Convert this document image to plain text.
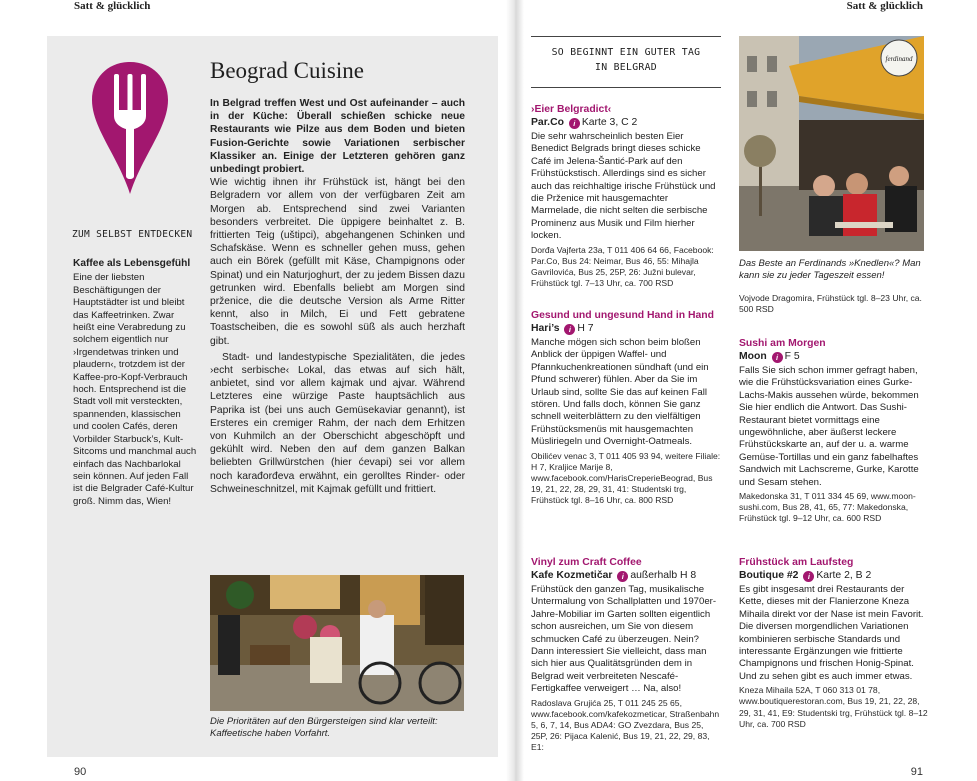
Satt & glücklich	Satt & glücklich
90	91
ZUM SELBST ENTDECKEN
Kaffee als Lebensgefühl
Eine der liebsten Beschäftigungen der Hauptstädter ist und bleibt das Kaffeetrinken. Zwar heißt eine Verabredung zu solchem eigentlich nur ›Irgendetwas trinken und plaudern‹, trotzdem ist der Kaffee-pro-Kopf-Verbrauch hoch. Entsprechend ist die Stadt voll mit versteckten, spannenden, klassischen und coolen Cafés, deren Vorbilder Starbuck’s, Kult-Sitcoms und manchmal auch einfach das Nachbarlokal sein können. Auf jeden Fall ist die Belgrader Café-Kultur groß. Nimm das, Wien!
Beograd Cuisine

In Belgrad treffen West und Ost aufeinander – auch in der Küche: Überall schießen schicke neue Restaurants wie Pilze aus dem Boden und bieten Fusion-Gerichte sowie Variationen serbischer Klassiker an. Einige der Letzteren gehören ganz unbedingt probiert.

Wie wichtig ihnen ihr Frühstück ist, hängt bei den Belgradern vor allem von der verfügbaren Zeit am Morgen ab. Entsprechend sind zwei Varianten besonders verbreitet. Die üppigere beinhaltet z. B. frittierten Teig (uštipci), abgehangenen Schinken und Schafskäse. Wenn es schneller gehen muss, gehen auch ein Börek (gefüllt mit Käse, Champignons oder Spinat) und ein Naturjoghurt, der zu jedem Bissen dazu getrunken wird. Ebenfalls beliebt am Morgen sind prženice, die die deutsche Version als Arme Ritter kennt, also in Milch, Ei und Fett gebratene Toastscheiben, die es sowohl süß als auch herzhaft gibt.

Stadt- und landestypische Spezialitäten, die jedes ›echt serbische‹ Lokal, das etwas auf sich hält, anbietet, sind vor allem kajmak und ajvar. Während Letzteres eine würzige Paste hauptsächlich aus Paprika ist (bei uns auch Gemüsekaviar genannt), ist Ersteres ein cremiger Rahm, der nach dem Erhitzen von Kuhmilch an der Oberschicht abgeschöpft und gekühlt wird. Neben den auf dem ganzen Balkan beliebten Grillwürstchen (hier ćevapi) sei vor allem noch karađorđeva erwähnt, ein gerolltes Rinder- oder Schweineschnitzel, mit Kajmak gefüllt und frittiert.

Die Prioritäten auf den Bürgersteigen sind klar verteilt: Kaffeetische haben Vorfahrt.
SO BEGINNT EIN GUTER TAG
IN BELGRAD
›Eier Belgradict‹
Par.Co i Karte 3, C 2
Die sehr wahrscheinlich besten Eier Benedict Belgrads bringt dieses schicke Café im Jelena-Šantić-Park auf den Frühstückstisch. Allerdings sind es sicher auch das reichhaltige irische Frühstück und die Prženice mit hausgemachter Marmelade, die nicht selten die serbische Prominenz aus Musik und Film hierher locken.
Dorđa Vajferta 23a, T 011 406 64 66, Facebook: Par.Co, Bus 24: Neimar, Bus 46, 55: Mihajla Gavrilovića, Bus 25, 25P, 26: Južni bulevar, Frühstück tgl. 7–13 Uhr, ca. 700 RSD
Gesund und ungesund Hand in Hand
Hari’s i H 7
Manche mögen sich schon beim bloßen Anblick der üppigen Waffel- und Pfannkuchenkreationen sündhaft (und ein Pfund schwerer) fühlen. Aber da Sie im Urlaub sind, sollte Sie das auf keinen Fall stören. Und falls doch, können Sie ganz schnell weiterblättern zu den vielfältigen Frühstücksmenüs mit hausgemachten Müsliriegeln und Overnight-Oatmeals.
Obilićev venac 3, T 011 405 93 94, weitere Filiale: H 7, Kraljice Marije 8, www.facebook.com/HarisCreperieBeograd, Bus 19, 21, 22, 28, 29, 31, 41: Studentski trg, Frühstück tgl. 8–16 Uhr, ca. 800 RSD
Vinyl zum Craft Coffee
Kafe Kozmetičar i außerhalb H 8
Frühstück den ganzen Tag, musikalische Untermalung von Schallplatten und 1970er-Jahre-Mobiliar im Garten sollten eigentlich schon ausreichen, um Sie von diesem schmucken Café zu überzeugen. Nein? Dann interessiert Sie vielleicht, dass man sich hier aus Qualitätsgründen dem in Belgrad weit verbreiteten Nescafé-Fertigkaffee verweigert … Na, also!
Radoslava Grujića 25, T 011 245 25 65, www.facebook.com/kafekozmeticar, Straßenbahn 5, 6, 7, 14, Bus ADA4: GO Zvezdara, Bus 25, 25P, 26: Pijaca Kalenić, Bus 19, 21, 22, 29, 83, E1:
ferdinand
Das Beste an Ferdinands »Knedlen«? Man kann sie zu jeder Tageszeit essen!
Vojvode Dragomira, Frühstück tgl. 8–23 Uhr, ca. 500 RSD
Sushi am Morgen
Moon i F 5
Falls Sie sich schon immer gefragt haben, wie die Frühstücksvariation eines Gurke-Lachs-Makis aussehen würde, bekommen Sie hier endlich die Antwort. Das Sushi-Restaurant bietet vormittags eine ungewöhnliche, aber äußerst leckere Frühstückskarte an, auf der u. a. warme Gemüse-Tortillas und ein ganz fabelhaftes Sandwich mit Lachscreme, Gurke, Karotte und Sesam stehen.
Makedonska 31, T 011 334 45 69, www.moon-sushi.com, Bus 28, 41, 65, 77: Makedonska, Frühstück tgl. 9–12 Uhr, ca. 600 RSD
Frühstück am Laufsteg
Boutique #2 i Karte 2, B 2
Es gibt insgesamt drei Restaurants der Kette, dieses mit der Flanierzone Kneza Mihaila direkt vor der Nase ist mein Favorit. Die diversen morgendlichen Variationen kombinieren serbische Standards und interessante Ergänzungen wie frittierte Champignons und frischen Honig-Spinat. Und zu sehen gibt es auch immer etwas.
Kneza Mihaila 52A, T 060 313 01 78, www.boutiquerestoran.com, Bus 19, 21, 22, 28, 29, 31, 41, E9: Studentski trg, Frühstück tgl. 8–12 Uhr, ca. 700 RSD
